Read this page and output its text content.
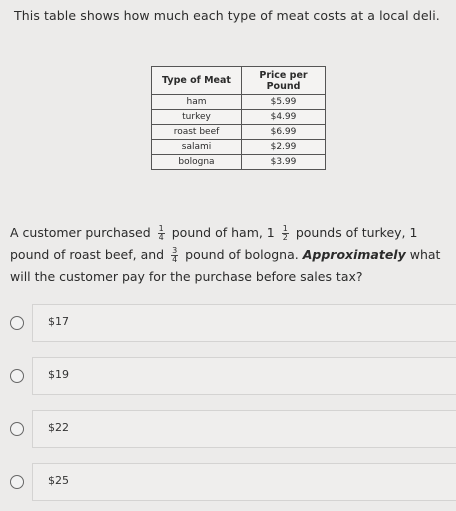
This table shows how much each type of meat costs at a local deli.
Type of Meat	Price per
Pound
ham	$5.99
turkey	$4.99
roast beef	$6.99
salami	$2.99
bologna	$3.99
A customer purchased $\frac{1}{4}$ pound of ham, $1 \frac{1}{2}$ pounds of turkey, 1 pound of roast beef, and $\frac{3}{4}$ pound of bologna. Approximately what will the customer pay for the purchase before sales tax?
$17
$19
$22
$25
